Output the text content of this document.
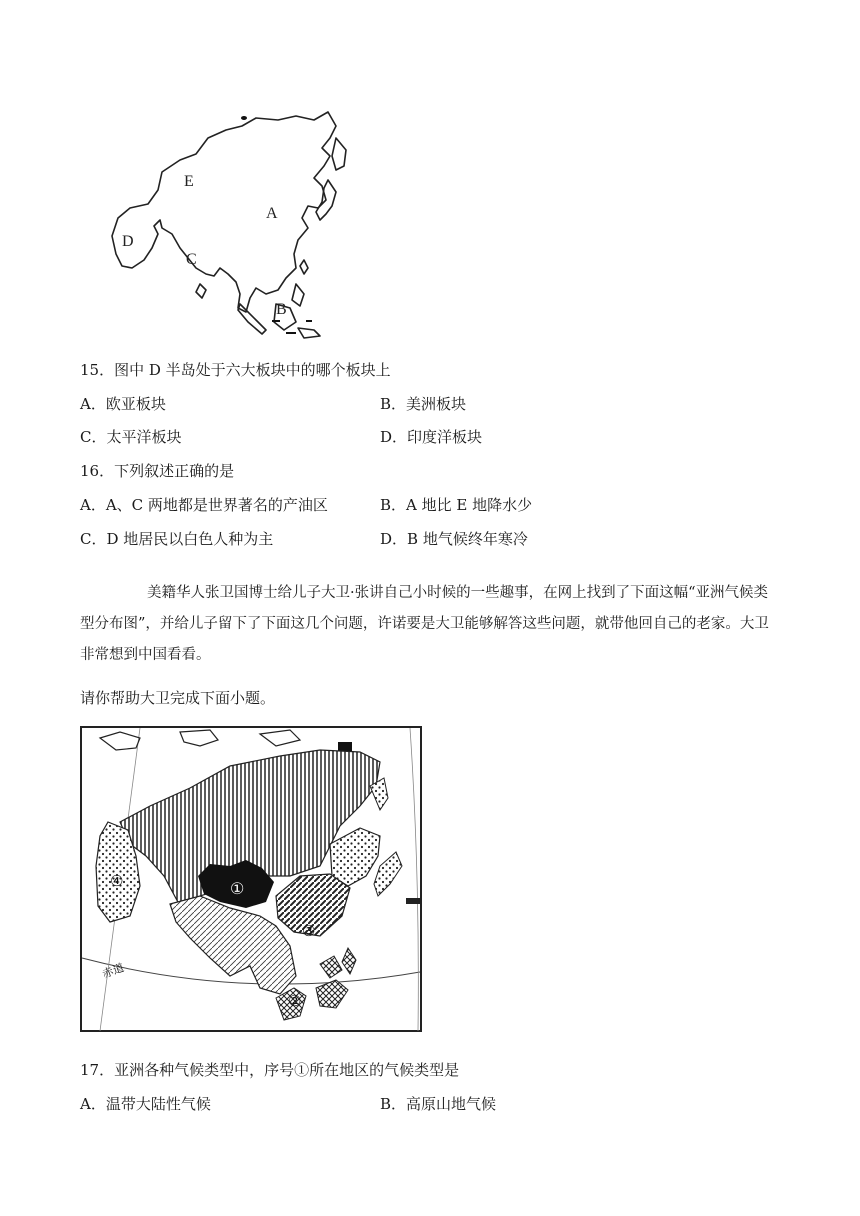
E
A
D
C
B
15．图中 D 半岛处于六大板块中的哪个板块上
A．欧亚板块	B．美洲板块
C．太平洋板块	D．印度洋板块
16．下列叙述正确的是
A．A、C 两地都是世界著名的产油区	B．A 地比 E 地降水少
C．D 地居民以白色人种为主	D．B 地气候终年寒冷
美籍华人张卫国博士给儿子大卫·张讲自己小时候的一些趣事，在网上找到了下面这幅“亚洲气候类型分布图”，并给儿子留下了下面这几个问题，许诺要是大卫能够解答这些问题，就带他回自己的老家。大卫非常想到中国看看。
请你帮助大卫完成下面小题。
①
②
③
④
赤道
17．亚洲各种气候类型中，序号①所在地区的气候类型是
A．温带大陆性气候	B．高原山地气候
